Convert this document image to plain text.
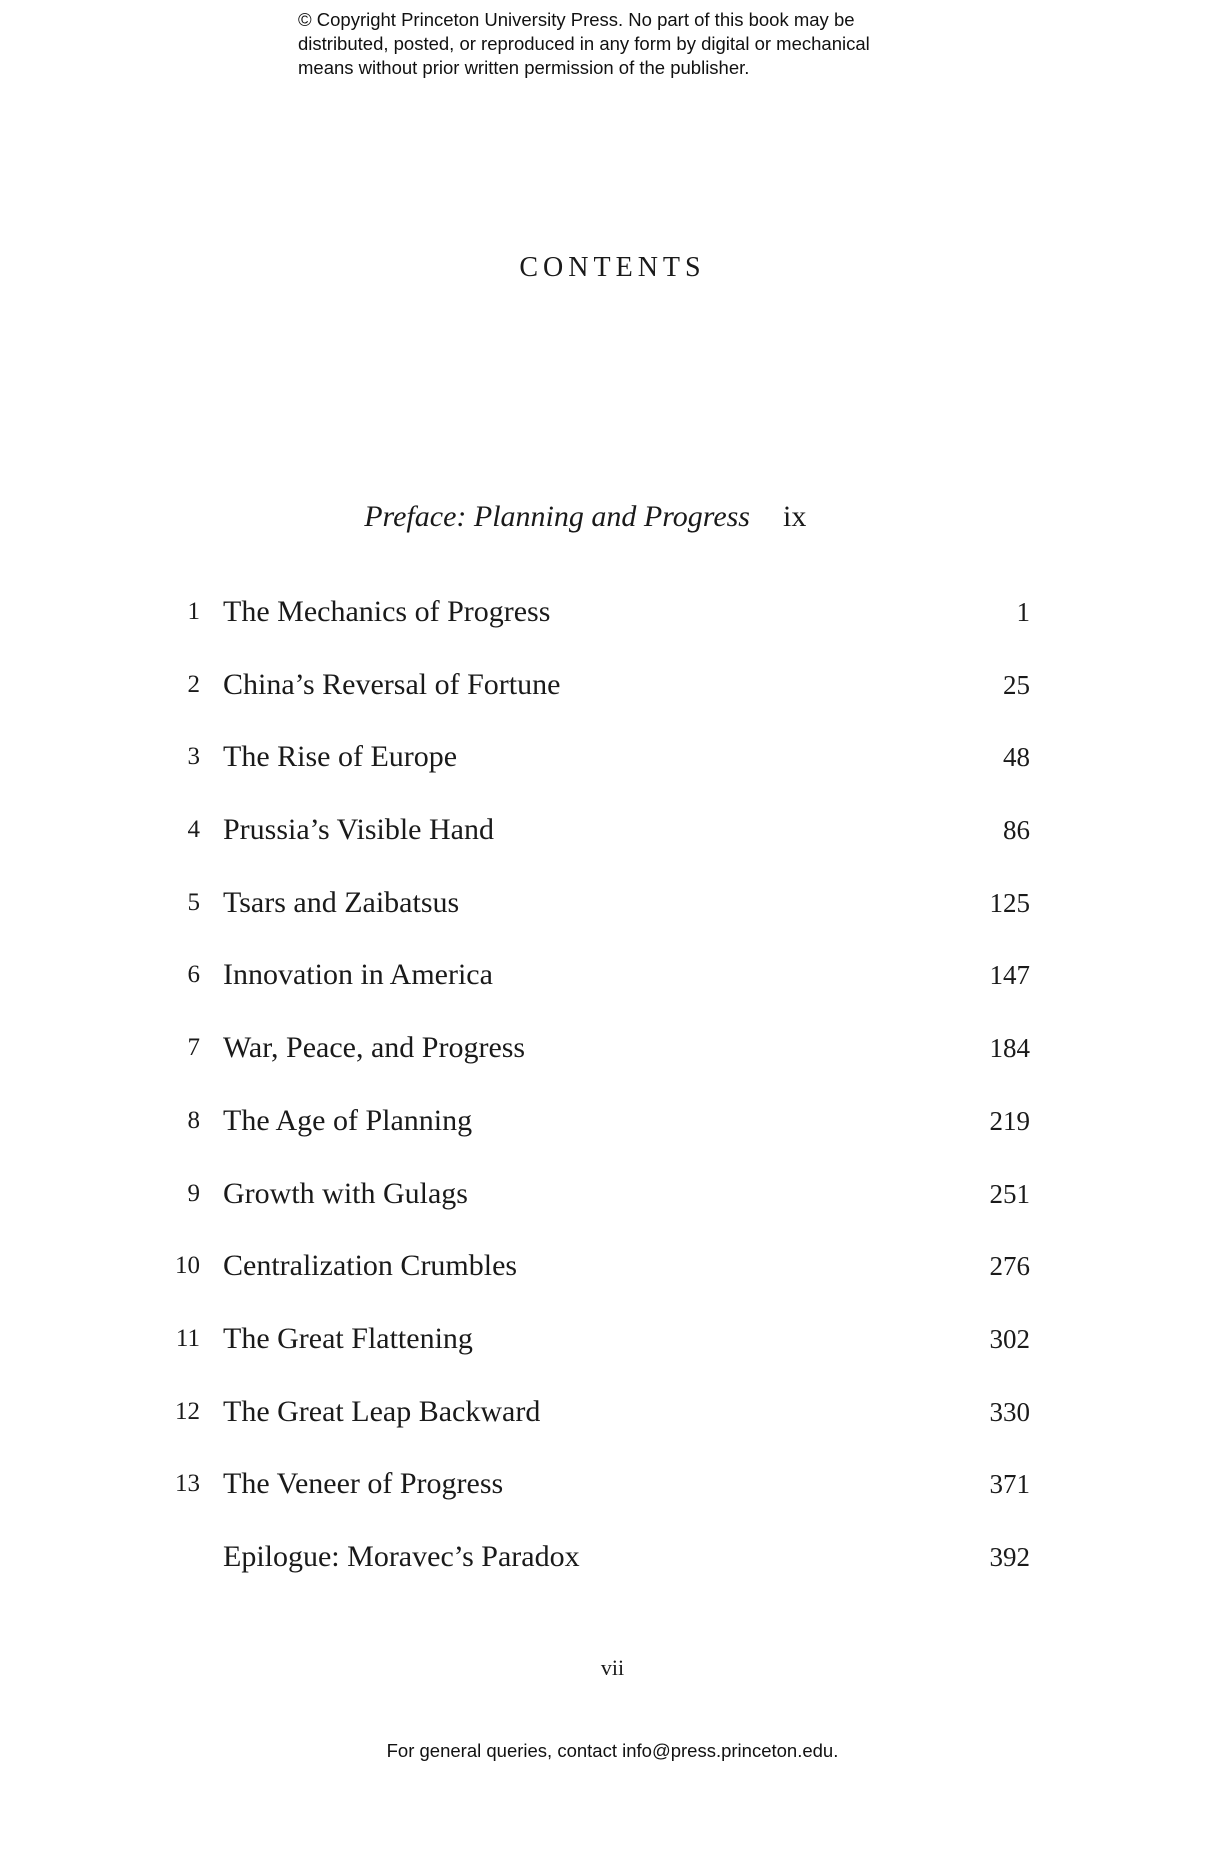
© Copyright Princeton University Press. No part of this book may be
distributed, posted, or reproduced in any form by digital or mechanical
means without prior written permission of the publisher.
CONTENTS
Preface: Planning and Progress ix
1 The Mechanics of Progress	1
2 China’s Reversal of Fortune	25
3 The Rise of Europe	48
4 Prussia’s Visible Hand	86
5 Tsars and Zaibatsus	125
6 Innovation in America	147
7 War, Peace, and Progress	184
8 The Age of Planning	219
9 Growth with Gulags	251
10 Centralization Crumbles	276
11 The Great Flattening	302
12 The Great Leap Backward	330
13 The Veneer of Progress	371
Epilogue: Moravec’s Paradox	392
vii
For general queries, contact info@press.princeton.edu.
